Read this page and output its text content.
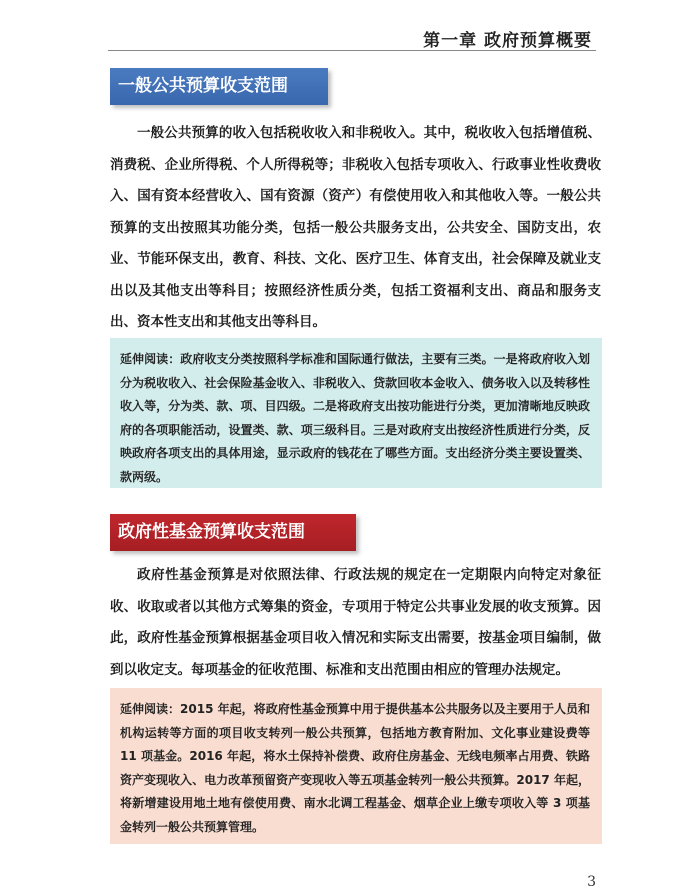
第一章 政府预算概要
一般公共预算收支范围

一般公共预算的收入包括税收收入和非税收入。其中，税收收入包括增值税、消费税、企业所得税、个人所得税等；非税收入包括专项收入、行政事业性收费收入、国有资本经营收入、国有资源（资产）有偿使用收入和其他收入等。一般公共预算的支出按照其功能分类，包括一般公共服务支出，公共安全、国防支出，农业、节能环保支出，教育、科技、文化、医疗卫生、体育支出，社会保障及就业支出以及其他支出等科目；按照经济性质分类，包括工资福利支出、商品和服务支出、资本性支出和其他支出等科目。

延伸阅读：政府收支分类按照科学标准和国际通行做法，主要有三类。一是将政府收入划分为税收收入、社会保险基金收入、非税收入、贷款回收本金收入、债务收入以及转移性收入等，分为类、款、项、目四级。二是将政府支出按功能进行分类，更加清晰地反映政府的各项职能活动，设置类、款、项三级科目。三是对政府支出按经济性质进行分类，反映政府各项支出的具体用途，显示政府的钱花在了哪些方面。支出经济分类主要设置类、款两级。

政府性基金预算收支范围

政府性基金预算是对依照法律、行政法规的规定在一定期限内向特定对象征收、收取或者以其他方式筹集的资金，专项用于特定公共事业发展的收支预算。因此，政府性基金预算根据基金项目收入情况和实际支出需要，按基金项目编制，做到以收定支。每项基金的征收范围、标准和支出范围由相应的管理办法规定。

延伸阅读：2015 年起，将政府性基金预算中用于提供基本公共服务以及主要用于人员和机构运转等方面的项目收支转列一般公共预算，包括地方教育附加、文化事业建设费等 11 项基金。2016 年起，将水土保持补偿费、政府住房基金、无线电频率占用费、铁路资产变现收入、电力改革预留资产变现收入等五项基金转列一般公共预算。2017 年起，将新增建设用地土地有偿使用费、南水北调工程基金、烟草企业上缴专项收入等 3 项基金转列一般公共预算管理。

3
